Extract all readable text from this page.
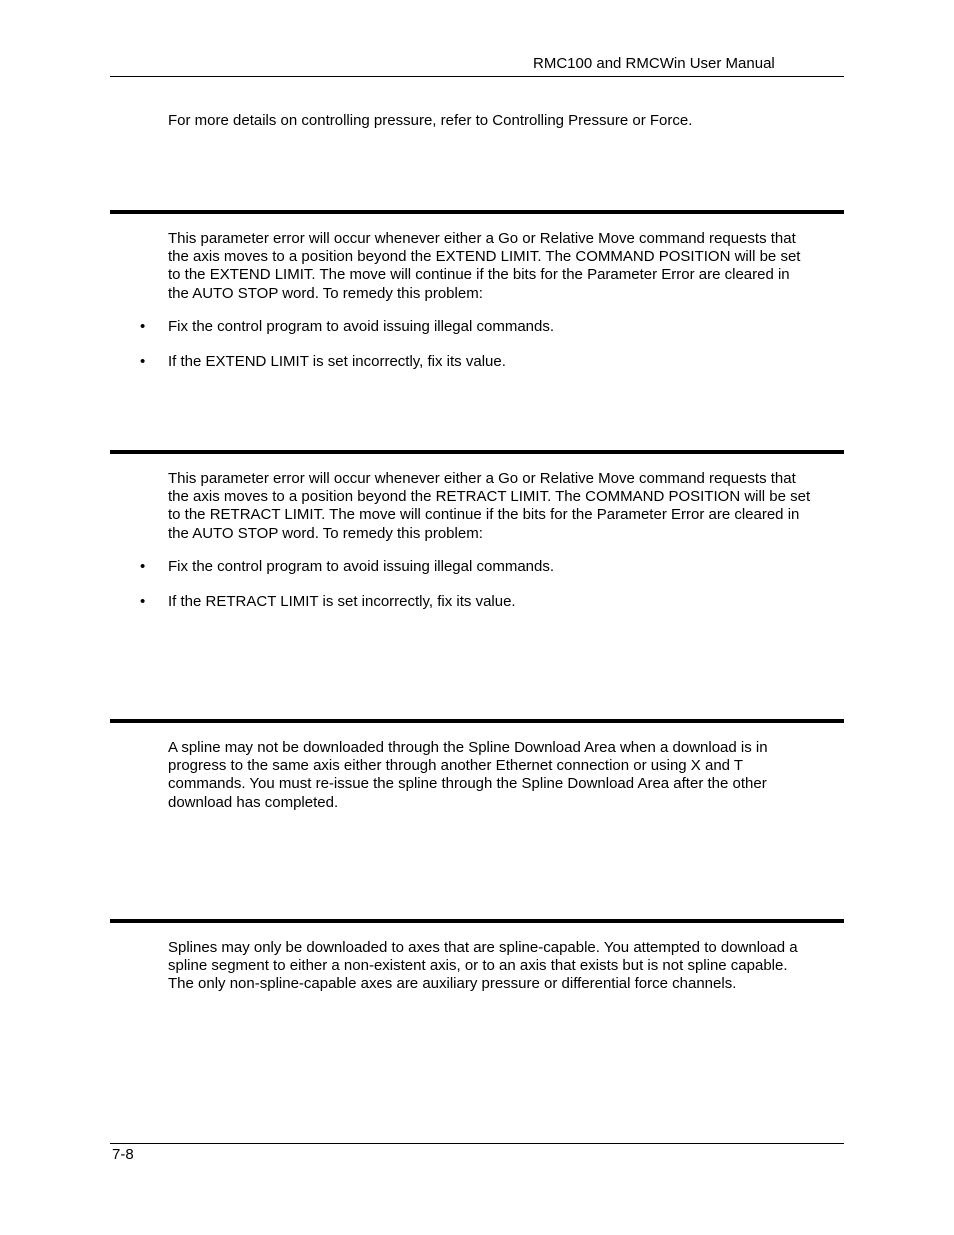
RMC100 and RMCWin User Manual
For more details on controlling pressure, refer to Controlling Pressure or Force.
This parameter error will occur whenever either a Go or Relative Move command requests that
the axis moves to a position beyond the EXTEND LIMIT. The COMMAND POSITION will be set
to the EXTEND LIMIT. The move will continue if the bits for the Parameter Error are cleared in
the AUTO STOP word. To remedy this problem:
• Fix the control program to avoid issuing illegal commands.
• If the EXTEND LIMIT is set incorrectly, fix its value.
This parameter error will occur whenever either a Go or Relative Move command requests that
the axis moves to a position beyond the RETRACT LIMIT. The COMMAND POSITION will be set
to the RETRACT LIMIT. The move will continue if the bits for the Parameter Error are cleared in
the AUTO STOP word. To remedy this problem:
• Fix the control program to avoid issuing illegal commands.
• If the RETRACT LIMIT is set incorrectly, fix its value.
A spline may not be downloaded through the Spline Download Area when a download is in
progress to the same axis either through another Ethernet connection or using X and T
commands. You must re-issue the spline through the Spline Download Area after the other
download has completed.
Splines may only be downloaded to axes that are spline-capable. You attempted to download a
spline segment to either a non-existent axis, or to an axis that exists but is not spline capable.
The only non-spline-capable axes are auxiliary pressure or differential force channels.
7-8
